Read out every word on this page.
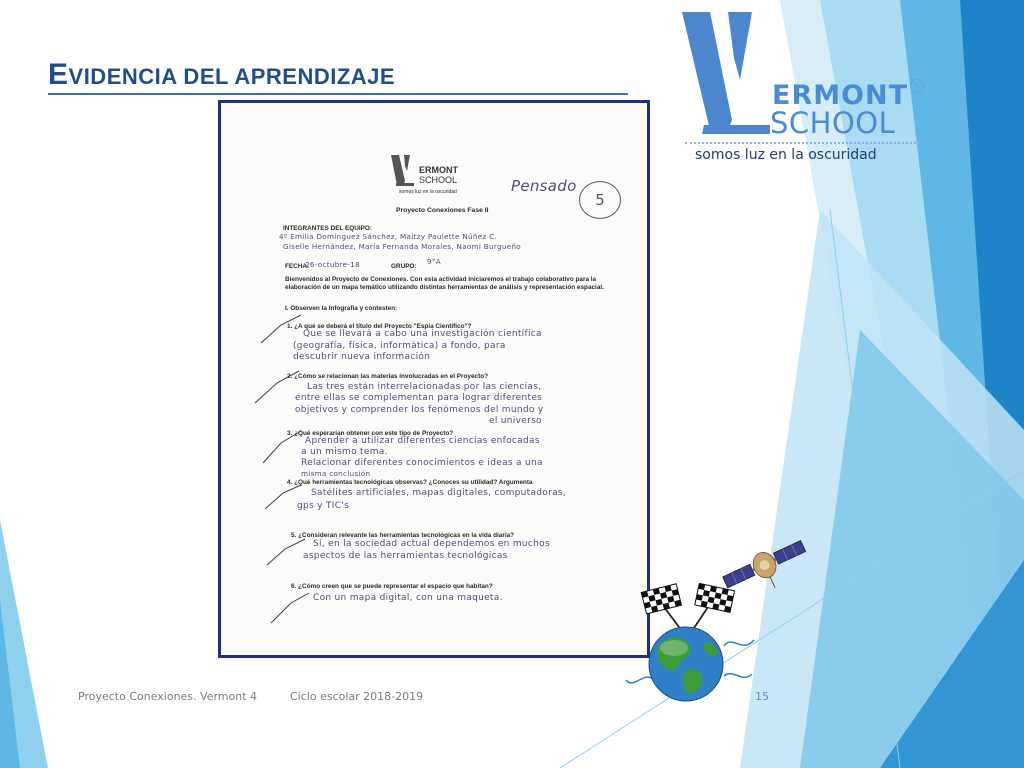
EVIDENCIA DEL APRENDIZAJE
ERMONT
SCHOOL
R
somos luz en la oscuridad
ERMONT
SCHOOL
somos luz en la oscuridad	Pensado
5
Proyecto Conexiones Fase II
INTEGRANTES DEL EQUIPO:
4º Emilia Domínguez Sánchez, Maitzy Paulette Núñez C.
Giselle Hernández, María Fernanda Morales, Naomi Burgueño
FECHA:
26-octubre-18	GRUPO:
9°A
Bienvenidos al Proyecto de Conexiones. Con esta actividad iniciaremos el trabajo colaborativo para la
elaboración de un mapa temático utilizando distintas herramientas de análisis y representación espacial.
I. Observen la Infografía y contesten:
1. ¿A qué se deberá el título del Proyecto "Espía Científico"?
Que se llevará a cabo una investigación científica
(geografía, física, informática) a fondo, para
descubrir nueva información
2. ¿Cómo se relacionan las materias involucradas en el Proyecto?
Las tres están interrelacionadas por las ciencias,
entre ellas se complementan para lograr diferentes
objetivos y comprender los fenómenos del mundo y
el universo
3. ¿Qué esperarían obtener con este tipo de Proyecto?
Aprender a utilizar diferentes ciencias enfocadas
a un mismo tema.
Relacionar diferentes conocimientos e ideas a una
misma conclusión
4. ¿Qué herramientas tecnológicas observas? ¿Conoces su utilidad? Argumenta
Satélites artificiales, mapas digitales, computadoras,
gps y TIC's
5. ¿Consideran relevante las herramientas tecnológicas en la vida diaria?
Sí, en la sociedad actual dependemos en muchos
aspectos de las herramientas tecnológicas
6. ¿Cómo creen que se puede representar el espacio que habitan?
Con un mapa digital, con una maqueta.
Proyecto Conexiones. Vermont 4	Ciclo escolar 2018-2019	15
